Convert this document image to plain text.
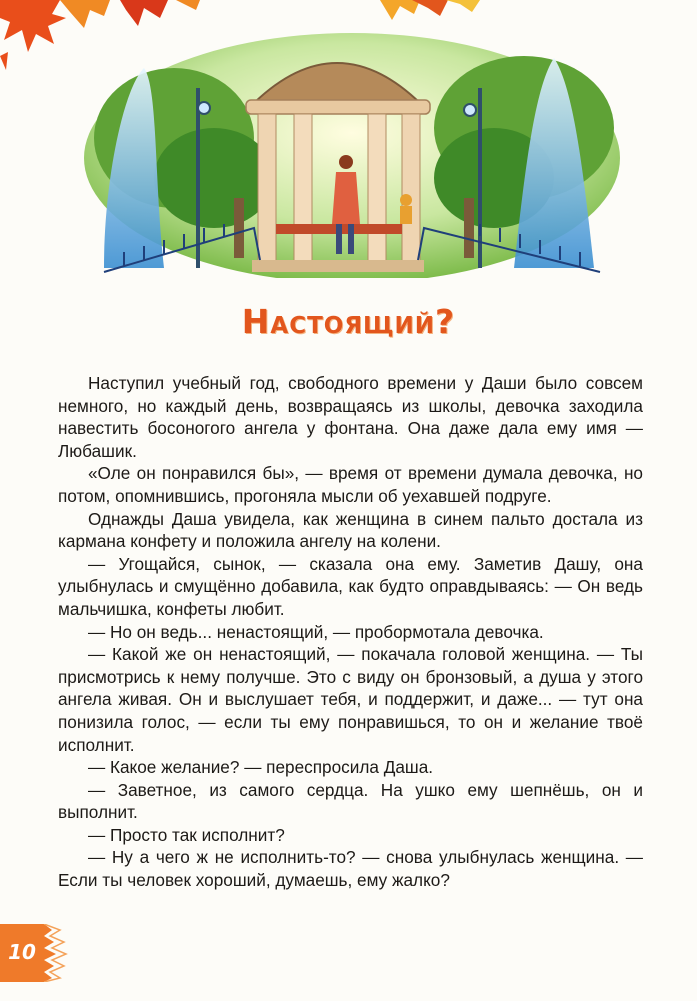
Настоящий?

Наступил учебный год, свободного времени у Даши было совсем немного, но каждый день, возвращаясь из школы, девочка заходила навестить босоногого ангела у фонтана. Она даже дала ему имя — Любашик.

«Оле он понравился бы», — время от времени думала девочка, но потом, опомнившись, прогоняла мысли об уехавшей подруге.

Однажды Даша увидела, как женщина в синем пальто достала из кармана конфету и положила ангелу на колени.

— Угощайся, сынок, — сказала она ему. Заметив Дашу, она улыбнулась и смущённо добавила, как будто оправдываясь: — Он ведь мальчишка, конфеты любит.

— Но он ведь... ненастоящий, — пробормотала девочка.

— Какой же он ненастоящий, — покачала головой женщина. — Ты присмотрись к нему получше. Это с виду он бронзовый, а душа у этого ангела живая. Он и выслушает тебя, и поддержит, и даже... — тут она понизила голос, — если ты ему понравишься, то он и желание твоё исполнит.

— Какое желание? — переспросила Даша.

— Заветное, из самого сердца. На ушко ему шепнёшь, он и выполнит.

— Просто так исполнит?

— Ну а чего ж не исполнить-то? — снова улыбнулась женщина. — Если ты человек хороший, думаешь, ему жалко?

10
